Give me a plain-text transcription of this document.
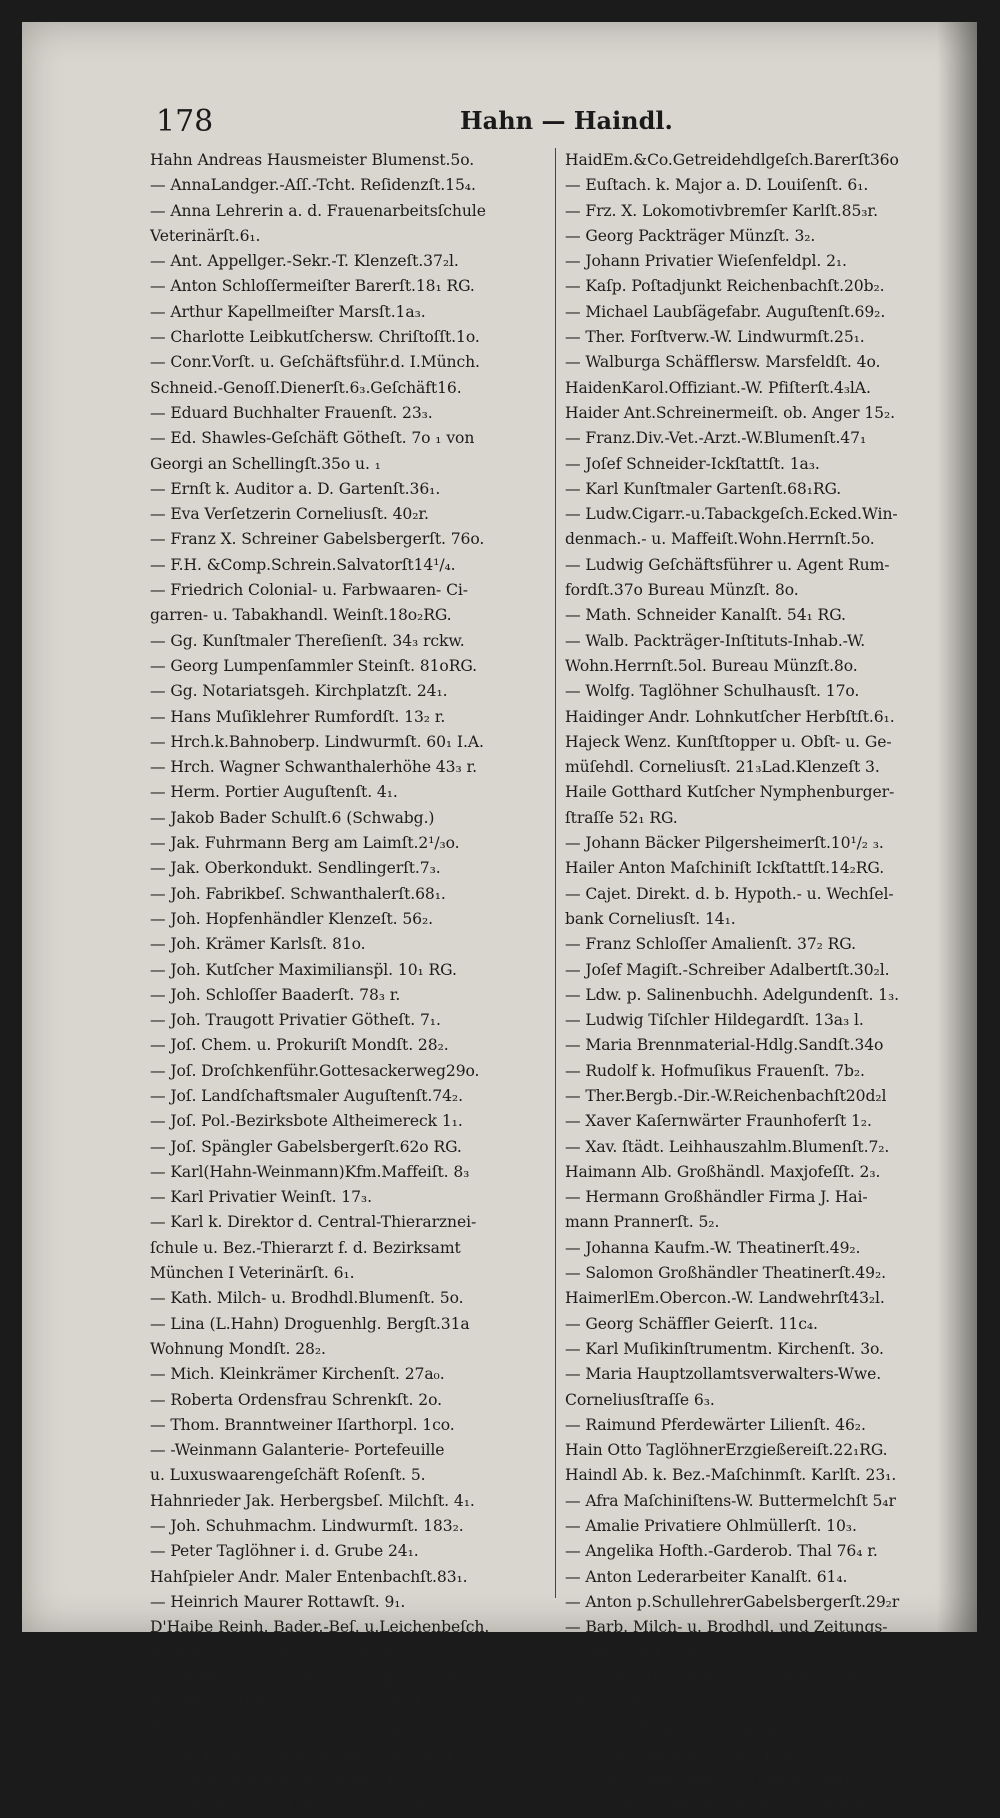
178	Hahn — Haindl.
Hahn Andreas Hausmeister Blumenst.5o.
— AnnaLandger.-Aſſ.-Tcht. Reſidenzſt.15₄.
— Anna Lehrerin a. d. Frauenarbeitsſchule
Veterinärſt.6₁.
— Ant. Appellger.-Sekr.-T. Klenzeſt.37₂l.
— Anton Schloſſermeiſter Barerſt.18₁ RG.
— Arthur Kapellmeiſter Marsſt.1a₃.
— Charlotte Leibkutſchersw. Chriſtoſſt.1o.
— Conr.Vorſt. u. Geſchäftsführ.d. I.Münch.
Schneid.-Genoſſ.Dienerſt.6₃.Geſchäft16.
— Eduard Buchhalter Frauenſt. 23₃.
— Ed. Shawles-Geſchäft Götheſt. 7o ₁ von
Georgi an Schellingſt.35o u. ₁
— Ernſt k. Auditor a. D. Gartenſt.36₁.
— Eva Verſetzerin Corneliusſt. 40₂r.
— Franz X. Schreiner Gabelsbergerſt. 76o.
— F.H. &Comp.Schrein.Salvatorſt14¹/₄.
— Friedrich Colonial- u. Farbwaaren- Ci-
garren- u. Tabakhandl. Weinſt.18o₂RG.
— Gg. Kunſtmaler Thereſienſt. 34₃ rckw.
— Georg Lumpenſammler Steinſt. 81oRG.
— Gg. Notariatsgeh. Kirchplatzſt. 24₁.
— Hans Muſiklehrer Rumfordſt. 13₂ r.
— Hrch.k.Bahnoberp. Lindwurmſt. 60₁ I.A.
— Hrch. Wagner Schwanthalerhöhe 43₃ r.
— Herm. Portier Auguſtenſt. 4₁.
— Jakob Bader Schulſt.6 (Schwabg.)
— Jak. Fuhrmann Berg am Laimſt.2¹/₃o.
— Jak. Oberkondukt. Sendlingerſt.7₃.
— Joh. Fabrikbeſ. Schwanthalerſt.68₁.
— Joh. Hopfenhändler Klenzeſt. 56₂.
— Joh. Krämer Karlsſt. 81o.
— Joh. Kutſcher Maximiliansp̈l. 10₁ RG.
— Joh. Schloſſer Baaderſt. 78₃ r.
— Joh. Traugott Privatier Götheſt. 7₁.
— Joſ. Chem. u. Prokuriſt Mondſt. 28₂.
— Joſ. Droſchkenführ.Gottesackerweg29o.
— Joſ. Landſchaftsmaler Auguſtenſt.74₂.
— Joſ. Pol.-Bezirksbote Altheimereck 1₁.
— Joſ. Spängler Gabelsbergerſt.62o RG.
— Karl(Hahn-Weinmann)Kfm.Maffeiſt. 8₃
— Karl Privatier Weinſt. 17₃.
— Karl k. Direktor d. Central-Thierarznei-
ſchule u. Bez.-Thierarzt f. d. Bezirksamt
München I Veterinärſt. 6₁.
— Kath. Milch- u. Brodhdl.Blumenſt. 5o.
— Lina (L.Hahn) Droguenhlg. Bergſt.31a
Wohnung Mondſt. 28₂.
— Mich. Kleinkrämer Kirchenſt. 27a₀.
— Roberta Ordensfrau Schrenkſt. 2o.
— Thom. Branntweiner Iſarthorpl. 1co.
— -Weinmann Galanterie- Portefeuille
u. Luxuswaarengeſchäft Roſenſt. 5.
Hahnrieder Jak. Herbergsbeſ. Milchſt. 4₁.
— Joh. Schuhmachm. Lindwurmſt. 183₂.
— Peter Taglöhner i. d. Grube 24₁.
Hahſpieler Andr. Maler Entenbachſt.83₁.
— Heinrich Maurer Rottawſt. 9₁.
D'Haibe Reinh. Bader.-Beſ. u.Leichenbeſch.
Blumenſt. 37₂. Offiz. Schützenſt. 1.
Haibl Joh.Handſchuhm.Tegernſeerldſt121₁.
Haible Joſ. Dekor.-Maler Spitalſtr.13₁.
Haid Anton Lakirer Weinbauernſt.6₁.
— Chriſtoph GetreideagentNeuhauſerſt.31₄
— Eduard Kaufmann Götheſt. 13₂.
— Emanuel (Em. Haid & Cie.) Barerſt.36o
HaidEm.&Co.Getreidehdlgeſch.Barerſt36o
— Euſtach. k. Major a. D. Louiſenſt. 6₁.
— Frz. X. Lokomotivbremſer Karlſt.85₃r.
— Georg Packträger Münzſt. 3₂.
— Johann Privatier Wieſenfeldpl. 2₁.
— Kaſp. Poſtadjunkt Reichenbachſt.20b₂.
— Michael Laubſägefabr. Auguſtenſt.69₂.
— Ther. Forſtverw.-W. Lindwurmſt.25₁.
— Walburga Schäfflersw. Marsfeldſt. 4o.
HaidenKarol.Offiziant.-W. Pfiſterſt.4₃lA.
Haider Ant.Schreinermeiſt. ob. Anger 15₂.
— Franz.Div.-Vet.-Arzt.-W.Blumenſt.47₁
— Joſef Schneider-Ickſtattſt. 1a₃.
— Karl Kunſtmaler Gartenſt.68₁RG.
— Ludw.Cigarr.-u.Tabackgeſch.Ecked.Win-
denmach.- u. Maffeiſt.Wohn.Herrnſt.5o.
— Ludwig Geſchäftsführer u. Agent Rum-
fordſt.37o Bureau Münzſt. 8o.
— Math. Schneider Kanalſt. 54₁ RG.
— Walb. Packträger-Inſtituts-Inhab.-W.
Wohn.Herrnſt.5ol. Bureau Münzſt.8o.
— Wolfg. Taglöhner Schulhausſt. 17o.
Haidinger Andr. Lohnkutſcher Herbſtſt.6₁.
Hajeck Wenz. Kunſtſtopper u. Obſt- u. Ge-
müſehdl. Corneliusſt. 21₃Lad.Klenzeſt 3.
Haile Gotthard Kutſcher Nymphenburger-
ſtraſſe 52₁ RG.
— Johann Bäcker Pilgersheimerſt.10¹/₂ ₃.
Hailer Anton Maſchiniſt Ickſtattſt.14₂RG.
— Cajet. Direkt. d. b. Hypoth.- u. Wechſel-
bank Corneliusſt. 14₁.
— Franz Schloſſer Amalienſt. 37₂ RG.
— Joſef Magiſt.-Schreiber Adalbertſt.30₂l.
— Ldw. p. Salinenbuchh. Adelgundenſt. 1₃.
— Ludwig Tiſchler Hildegardſt. 13a₃ l.
— Maria Brennmaterial-Hdlg.Sandſt.34o
— Rudolf k. Hofmuſikus Frauenſt. 7b₂.
— Ther.Bergb.-Dir.-W.Reichenbachſt20d₂l
— Xaver Kaſernwärter Fraunhoferſt 1₂.
— Xav. ſtädt. Leihhauszahlm.Blumenſt.7₂.
Haimann Alb. Großhändl. Maxjofeſſt. 2₃.
— Hermann Großhändler Firma J. Hai-
mann Prannerſt. 5₂.
— Johanna Kaufm.-W. Theatinerſt.49₂.
— Salomon Großhändler Theatinerſt.49₂.
HaimerlEm.Obercon.-W. Landwehrſt43₂l.
— Georg Schäffler Geierſt. 11c₄.
— Karl Muſikinſtrumentm. Kirchenſt. 3o.
— Maria Hauptzollamtsverwalters-Wwe.
Corneliusſtraſſe 6₃.
— Raimund Pferdewärter Lilienſt. 46₂.
Hain Otto TaglöhnerErzgießereiſt.22₁RG.
Haindl Ab. k. Bez.-Maſchinmſt. Karlſt. 23₁.
— Afra Maſchiniſtens-W. Buttermelchſt 5₄r
— Amalie Privatiere Ohlmüllerſt. 10₃.
— Angelika Hofth.-Garderob. Thal 76₄ r.
— Anton Lederarbeiter Kanalſt. 61₄.
— Anton p.SchullehrerGabelsbergerſt.29₂r
— Barb. Milch- u. Brodhdl. und Zeitungs-
filiale Auguſtenſt.96o.
— Charl v.Hauptmünzamtsdir.-u.Geheim-
raths-W. Karlſt. 23₁.
— Creſc. Rentiersw. Schwanthalerſt. 88o.
— Eduard Hoflakal Thereſienſt. 60₁.
— Eug.k.Oberlandg.-RathLandwehrſt37₃r.
— Frz. Haderniederlagebeſ. ob. Anger 54₁.
